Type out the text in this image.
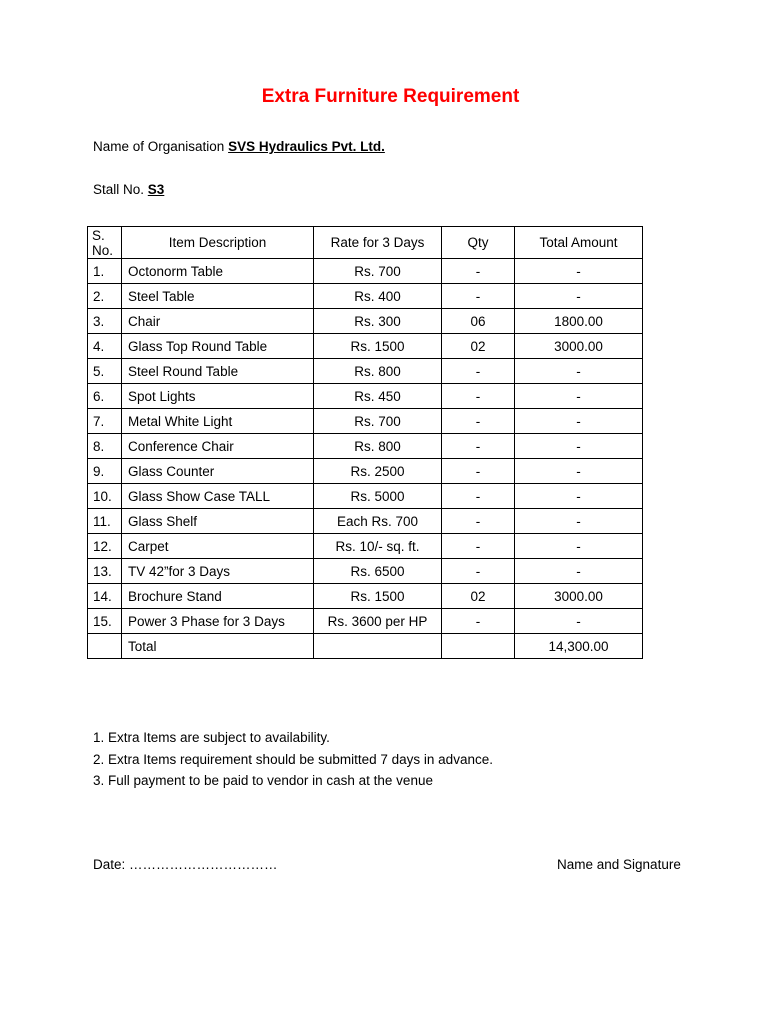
Extra Furniture Requirement
Name of Organisation SVS Hydraulics Pvt. Ltd.
Stall No. S3
S. No.	Item Description	Rate for 3 Days	Qty	Total Amount
1.	Octonorm Table	Rs. 700	-	-
2.	Steel Table	Rs. 400	-	-
3.	Chair	Rs. 300	06	1800.00
4.	Glass Top Round Table	Rs. 1500	02	3000.00
5.	Steel Round Table	Rs. 800	-	-
6.	Spot Lights	Rs. 450	-	-
7.	Metal White Light	Rs. 700	-	-
8.	Conference Chair	Rs. 800	-	-
9.	Glass Counter	Rs. 2500	-	-
10.	Glass Show Case TALL	Rs. 5000	-	-
11.	Glass Shelf	Each Rs. 700	-	-
12.	Carpet	Rs. 10/- sq. ft.	-	-
13.	TV 42”for 3 Days	Rs. 6500	-	-
14.	Brochure Stand	Rs. 1500	02	3000.00
15.	Power 3 Phase for 3 Days	Rs. 3600 per HP	-	-
	Total			14,300.00
1. Extra Items are subject to availability.
2. Extra Items requirement should be submitted 7 days in advance.
3. Full payment to be paid to vendor in cash at the venue
Date: ……………………………	Name and Signature
